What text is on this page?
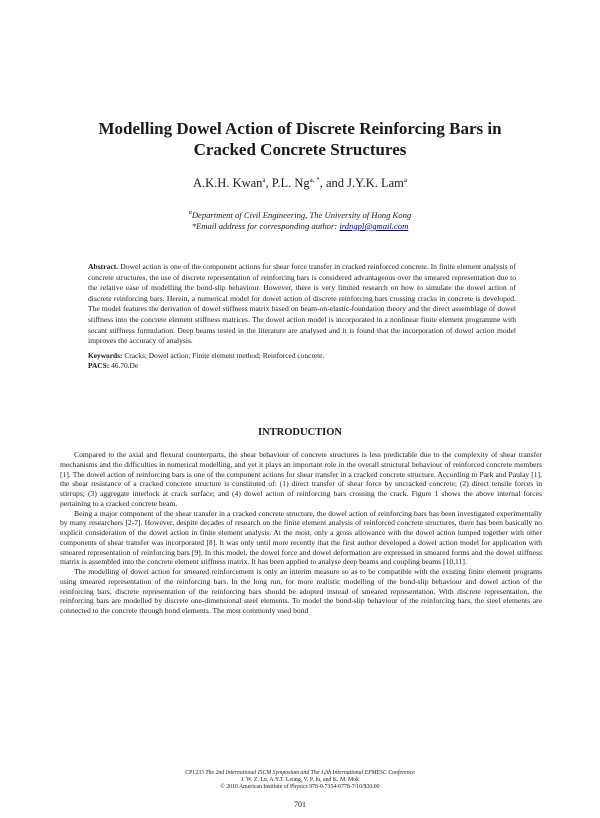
Modelling Dowel Action of Discrete Reinforcing Bars in
Cracked Concrete Structures
A.K.H. Kwan$^a$, P.L. $Ng^{a, *}$, and J.Y.K. Lam$^a$
$^a$Department of Civil Engineering, The University of Hong Kong
*Email address for corresponding author: irdngpl@gmail.com
Abstract. Dowel action is one of the component actions for shear force transfer in cracked reinforced concrete. In finite element analysis of concrete structures, the use of discrete representation of reinforcing bars is considered advantageous over the smeared representation due to the relative ease of modelling the bond-slip behaviour. However, there is very limited research on how to simulate the dowel action of discrete reinforcing bars. Herein, a numerical model for dowel action of discrete reinforcing bars crossing cracks in concrete is developed. The model features the derivation of dowel stiffness matrix based on beam-on-elastic-foundation theory and the direct assemblage of dowel stiffness into the concrete element stiffness matrices. The dowel action model is incorporated in a nonlinear finite element programme with secant stiffness formulation. Deep beams tested in the literature are analysed and it is found that the incorporation of dowel action model improves the accuracy of analysis.
Keywords: Cracks; Dowel action; Finite element method; Reinforced concrete.
PACS: 46.70.De
INTRODUCTION

Compared to the axial and flexural counterparts, the shear behaviour of concrete structures is less predictable due to the complexity of shear transfer mechanisms and the difficulties in numerical modelling, and yet it plays an important role in the overall structural behaviour of reinforced concrete members [1]. The dowel action of reinforcing bars is one of the component actions for shear transfer in a cracked concrete structure. According to Park and Paulay [1], the shear resistance of a cracked concrete structure is constituted of: (1) direct transfer of shear force by uncracked concrete; (2) direct tensile forces in stirrups; (3) aggregate interlock at crack surface; and (4) dowel action of reinforcing bars crossing the crack. Figure 1 shows the above internal forces pertaining to a cracked concrete beam.

Being a major component of the shear transfer in a cracked concrete structure, the dowel action of reinforcing bars has been investigated experimentally by many researchers [2-7]. However, despite decades of research on the finite element analysis of reinforced concrete structures, there has been basically no explicit consideration of the dowel action in finite element analysis. At the most, only a gross allowance with the dowel action lumped together with other components of shear transfer was incorporated [8]. It was only until more recently that the first author developed a dowel action model for application with smeared representation of reinforcing bars [9]. In this model, the dowel force and dowel deformation are expressed in smeared forms and the dowel stiffness matrix is assembled into the concrete element stiffness matrix. It has been applied to analyse deep beams and coupling beams [10,11].

The modelling of dowel action for smeared reinforcement is only an interim measure so as to be compatible with the existing finite element programs using smeared representation of the reinforcing bars. In the long run, for more realistic modelling of the bond-slip behaviour and dowel action of the reinforcing bars, discrete representation of the reinforcing bars should be adopted instead of smeared representation. With discrete representation, the reinforcing bars are modelled by discrete one-dimensional steel elements. To model the bond-slip behaviour of the reinforcing bars, the steel elements are connected to the concrete through bond elements. The most commonly used bond

CP1233 The 2nd International ISCM Symposium and The 12th International EPMESC Conference
J. W. Z. Lu, A.Y.T. Leung, V. P. Iu, and K. M. Mok
© 2010 American Institute of Physics 978-0-7354-0778-7/10/$30.00
701
